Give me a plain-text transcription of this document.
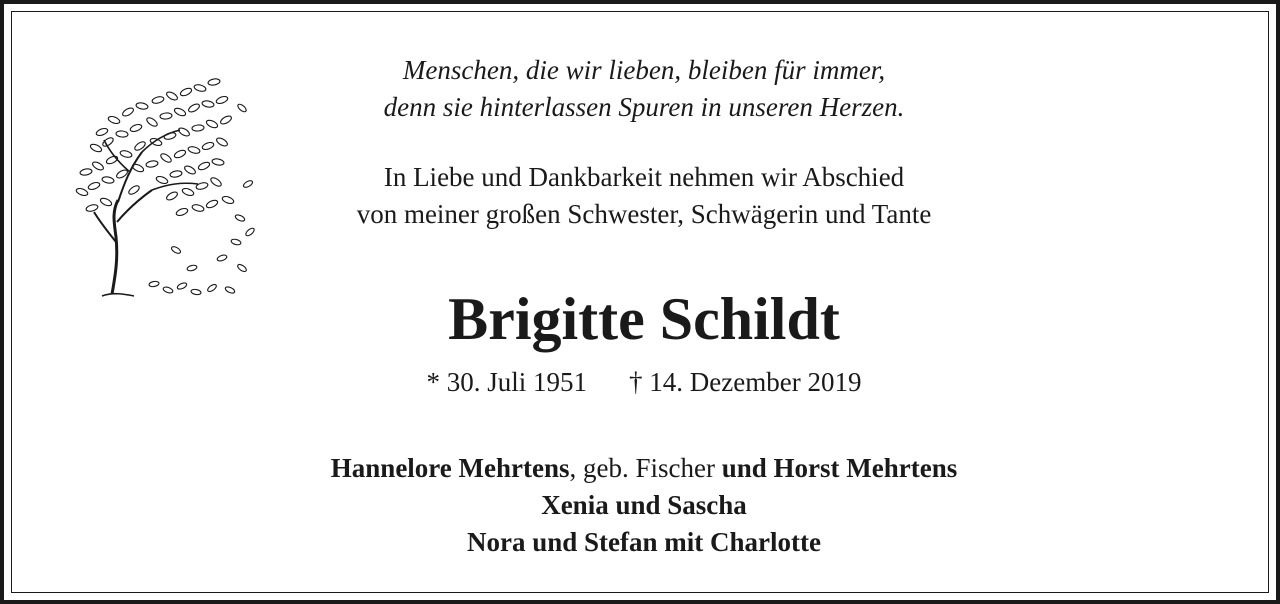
Menschen, die wir lieben, bleiben für immer,
denn sie hinterlassen Spuren in unseren Herzen.
In Liebe und Dankbarkeit nehmen wir Abschied
von meiner großen Schwester, Schwägerin und Tante
Brigitte Schildt
* 30. Juli 1951 † 14. Dezember 2019
Hannelore Mehrtens, geb. Fischer und Horst Mehrtens
Xenia und Sascha
Nora und Stefan mit Charlotte
